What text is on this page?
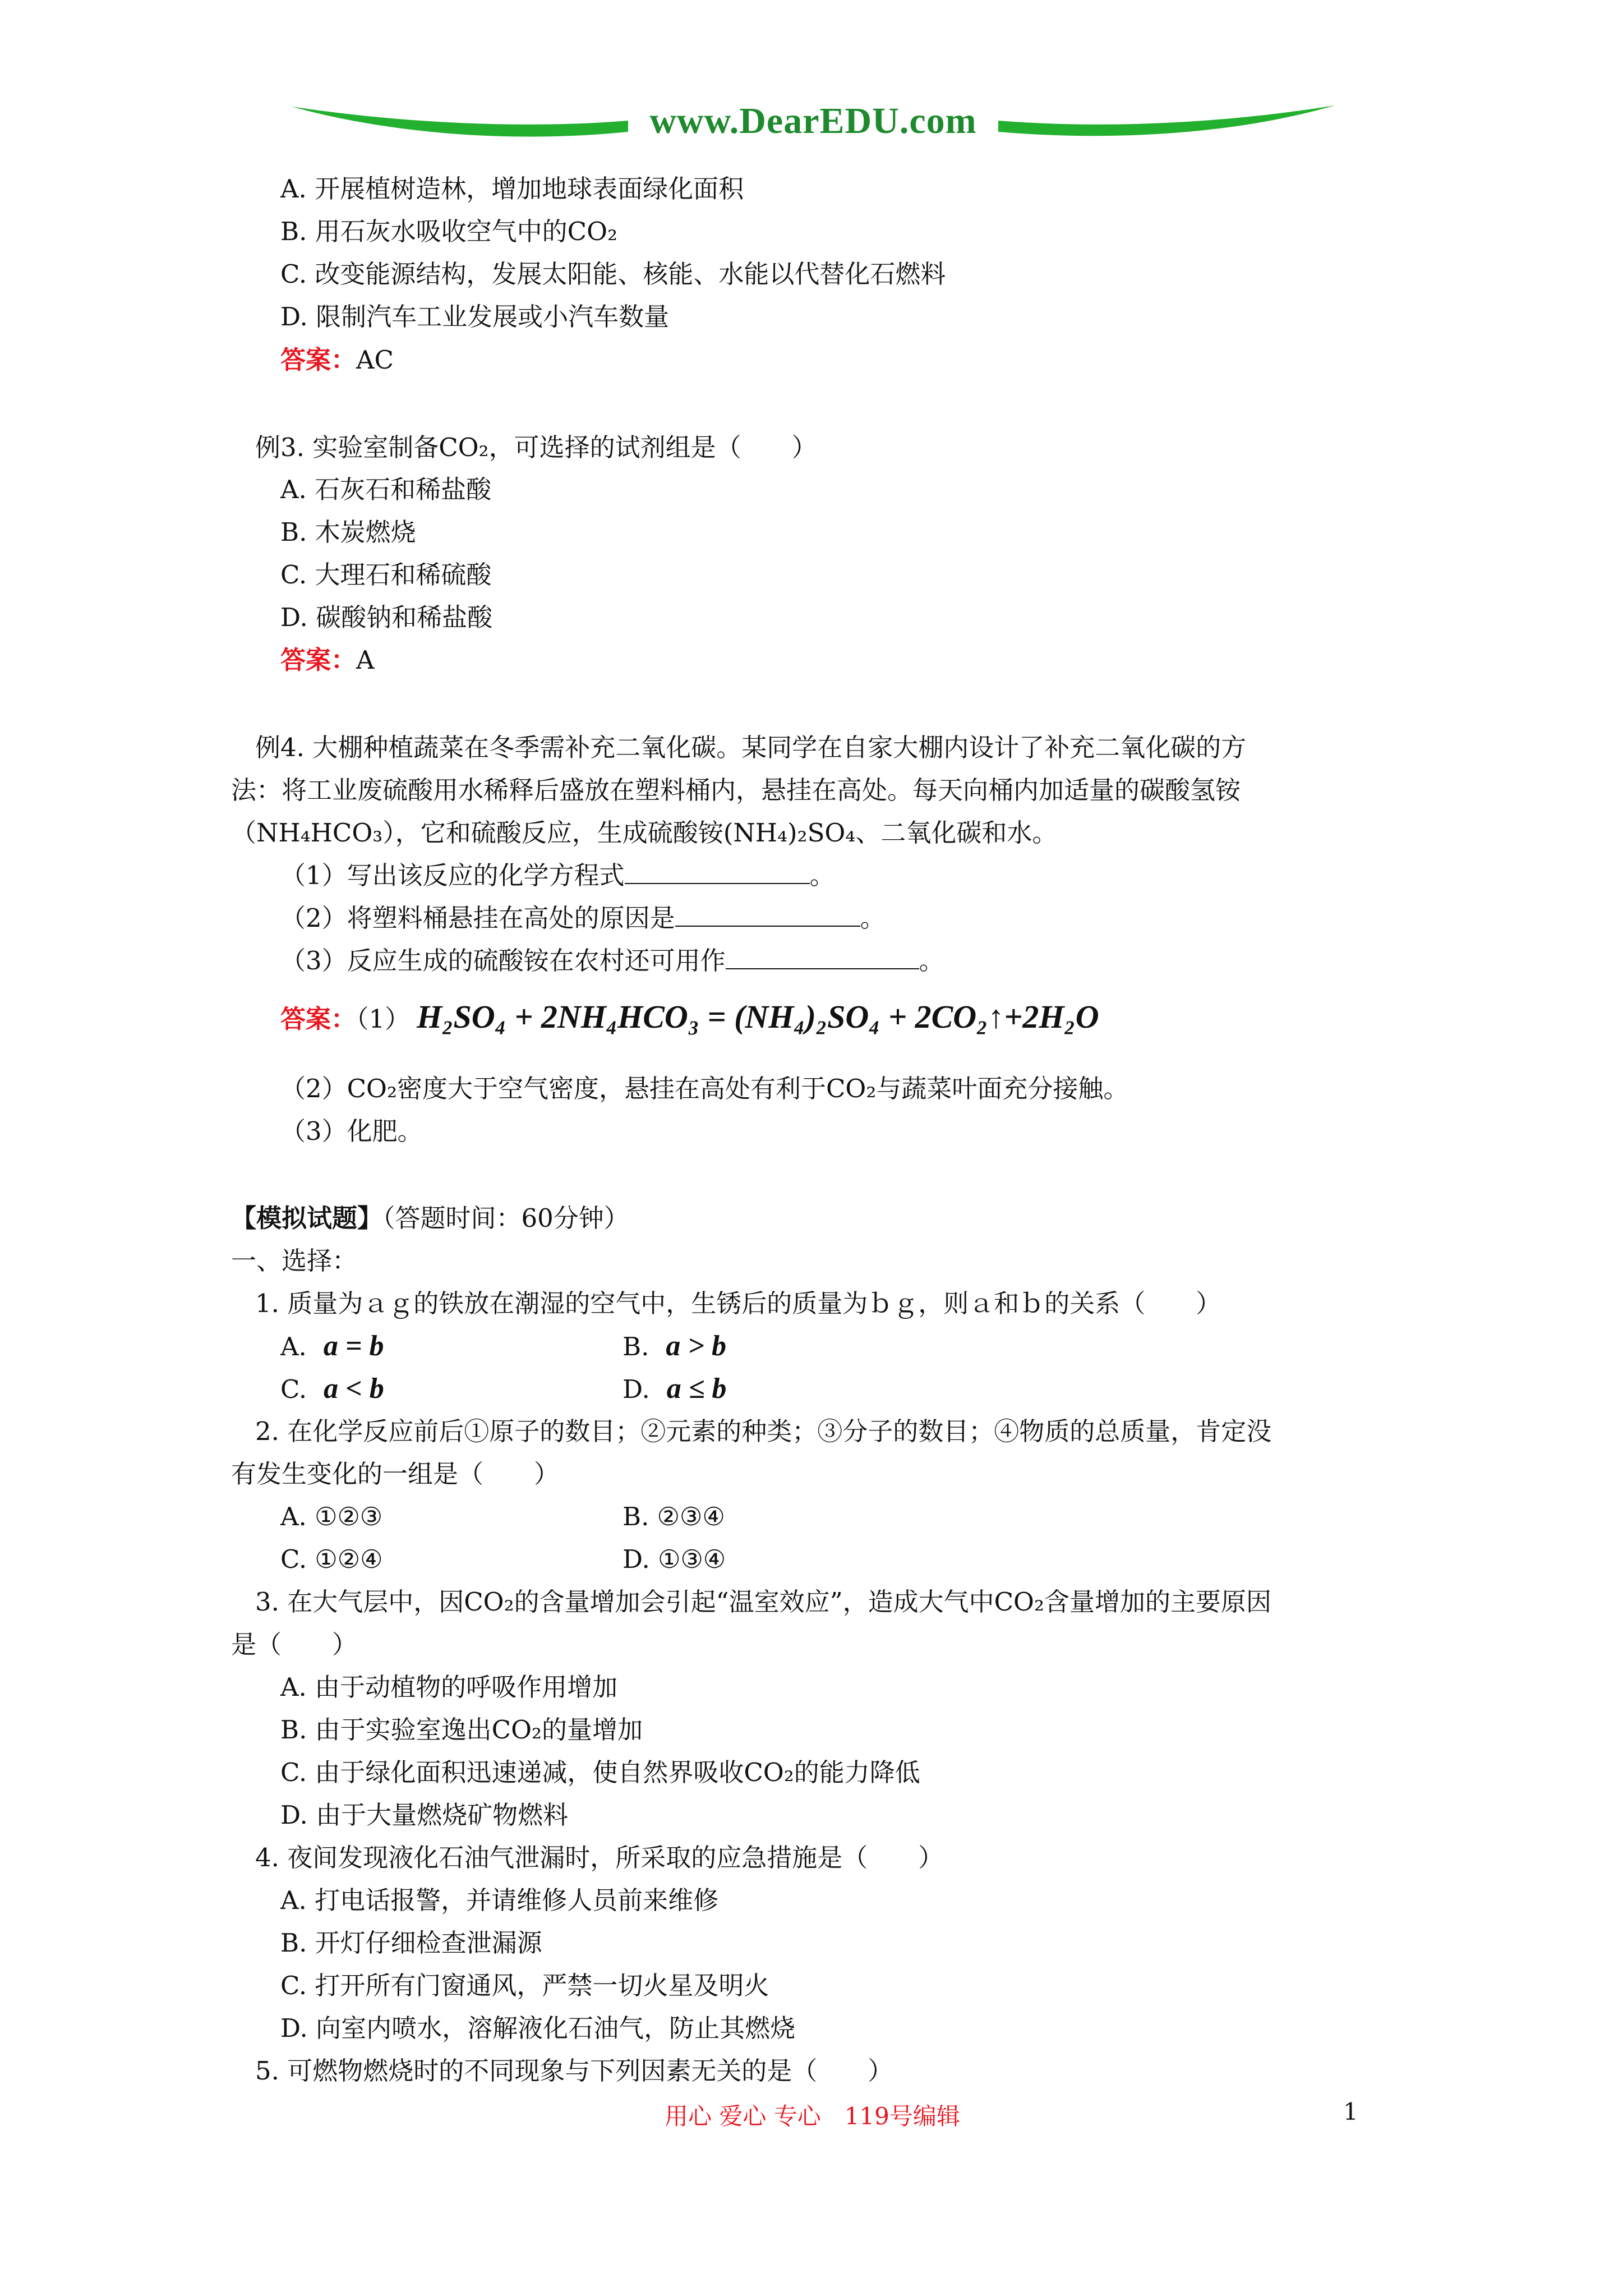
www.DearEDU.com
A. 开展植树造林，增加地球表面绿化面积
B. 用石灰水吸收空气中的CO₂
C. 改变能源结构，发展太阳能、核能、水能以代替化石燃料
D. 限制汽车工业发展或小汽车数量
答案：AC
例3. 实验室制备CO₂，可选择的试剂组是（　　）
A. 石灰石和稀盐酸
B. 木炭燃烧
C. 大理石和稀硫酸
D. 碳酸钠和稀盐酸
答案：A
例4. 大棚种植蔬菜在冬季需补充二氧化碳。某同学在自家大棚内设计了补充二氧化碳的方
法：将工业废硫酸用水稀释后盛放在塑料桶内，悬挂在高处。每天向桶内加适量的碳酸氢铵
（NH₄HCO₃），它和硫酸反应，生成硫酸铵(NH₄)₂SO₄、二氧化碳和水。
（1）写出该反应的化学方程式	。
（2）将塑料桶悬挂在高处的原因是	。
（3）反应生成的硫酸铵在农村还可用作	。
答案：（1） H₂SO₄ + 2NH₄HCO₃ = (NH₄)₂SO₄ + 2CO₂↑+2H₂O
（2）CO₂密度大于空气密度，悬挂在高处有利于CO₂与蔬菜叶面充分接触。
（3）化肥。
【模拟试题】（答题时间：60分钟）
一、选择：
1. 质量为ａｇ的铁放在潮湿的空气中，生锈后的质量为ｂｇ，则ａ和ｂ的关系（　　）
A. a = b	B. a > b
C. a < b	D. a ≤ b
2. 在化学反应前后①原子的数目；②元素的种类；③分子的数目；④物质的总质量，肯定没
有发生变化的一组是（　　）
A. ①②③	B. ②③④
C. ①②④	D. ①③④
3. 在大气层中，因CO₂的含量增加会引起“温室效应”，造成大气中CO₂含量增加的主要原因
是（　　）
A. 由于动植物的呼吸作用增加
B. 由于实验室逸出CO₂的量增加
C. 由于绿化面积迅速递减，使自然界吸收CO₂的能力降低
D. 由于大量燃烧矿物燃料
4. 夜间发现液化石油气泄漏时，所采取的应急措施是（　　）
A. 打电话报警，并请维修人员前来维修
B. 开灯仔细检查泄漏源
C. 打开所有门窗通风，严禁一切火星及明火
D. 向室内喷水，溶解液化石油气，防止其燃烧
5. 可燃物燃烧时的不同现象与下列因素无关的是（　　）
用心 爱心 专心　119号编辑	1
